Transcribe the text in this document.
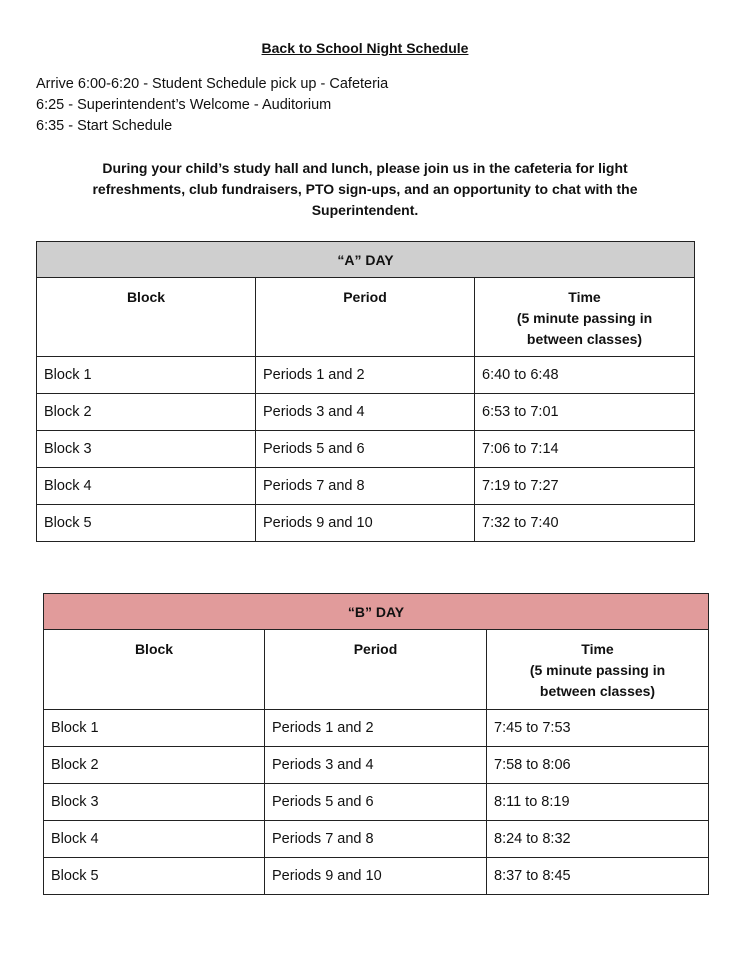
Back to School Night Schedule
Arrive 6:00-6:20 - Student Schedule pick up - Cafeteria
6:25 - Superintendent’s Welcome - Auditorium
6:35 - Start Schedule
During your child’s study hall and lunch, please join us in the cafeteria for light refreshments, club fundraisers, PTO sign-ups, and an opportunity to chat with the Superintendent.
“A” DAY		
Block	Period	Time
(5 minute passing in
between classes)

Block 1	Periods 1 and 2	6:40 to 6:48
Block 2	Periods 3 and 4	6:53 to 7:01
Block 3	Periods 5 and 6	7:06 to 7:14
Block 4	Periods 7 and 8	7:19 to 7:27
Block 5	Periods 9 and 10	7:32 to 7:40
“B” DAY		
Block	Period	Time
(5 minute passing in
between classes)

Block 1	Periods 1 and 2	7:45 to 7:53
Block 2	Periods 3 and 4	7:58 to 8:06
Block 3	Periods 5 and 6	8:11 to 8:19
Block 4	Periods 7 and 8	8:24 to 8:32
Block 5	Periods 9 and 10	8:37 to 8:45
